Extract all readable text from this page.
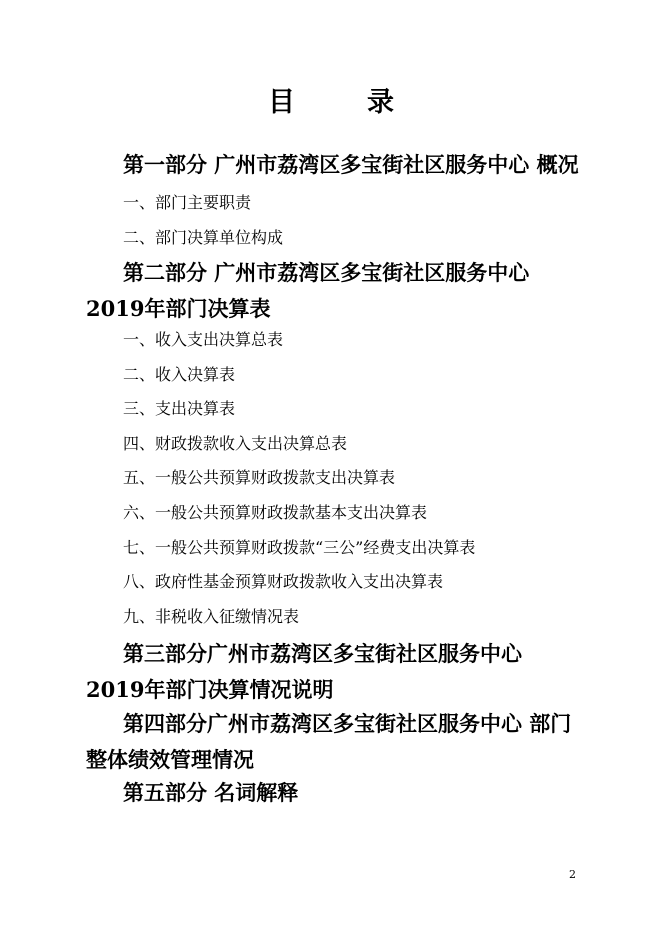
目	录
第一部分 广州市荔湾区多宝街社区服务中心 概况
一、部门主要职责
二、部门决算单位构成
第二部分 广州市荔湾区多宝街社区服务中心 2019年部门决算表
一、收入支出决算总表
二、收入决算表
三、支出决算表
四、财政拨款收入支出决算总表
五、一般公共预算财政拨款支出决算表
六、一般公共预算财政拨款基本支出决算表
七、一般公共预算财政拨款“三公”经费支出决算表
八、政府性基金预算财政拨款收入支出决算表
九、非税收入征缴情况表
第三部分广州市荔湾区多宝街社区服务中心 2019年部门决算情况说明
第四部分广州市荔湾区多宝街社区服务中心 部门整体绩效管理情况
第五部分 名词解释
2
